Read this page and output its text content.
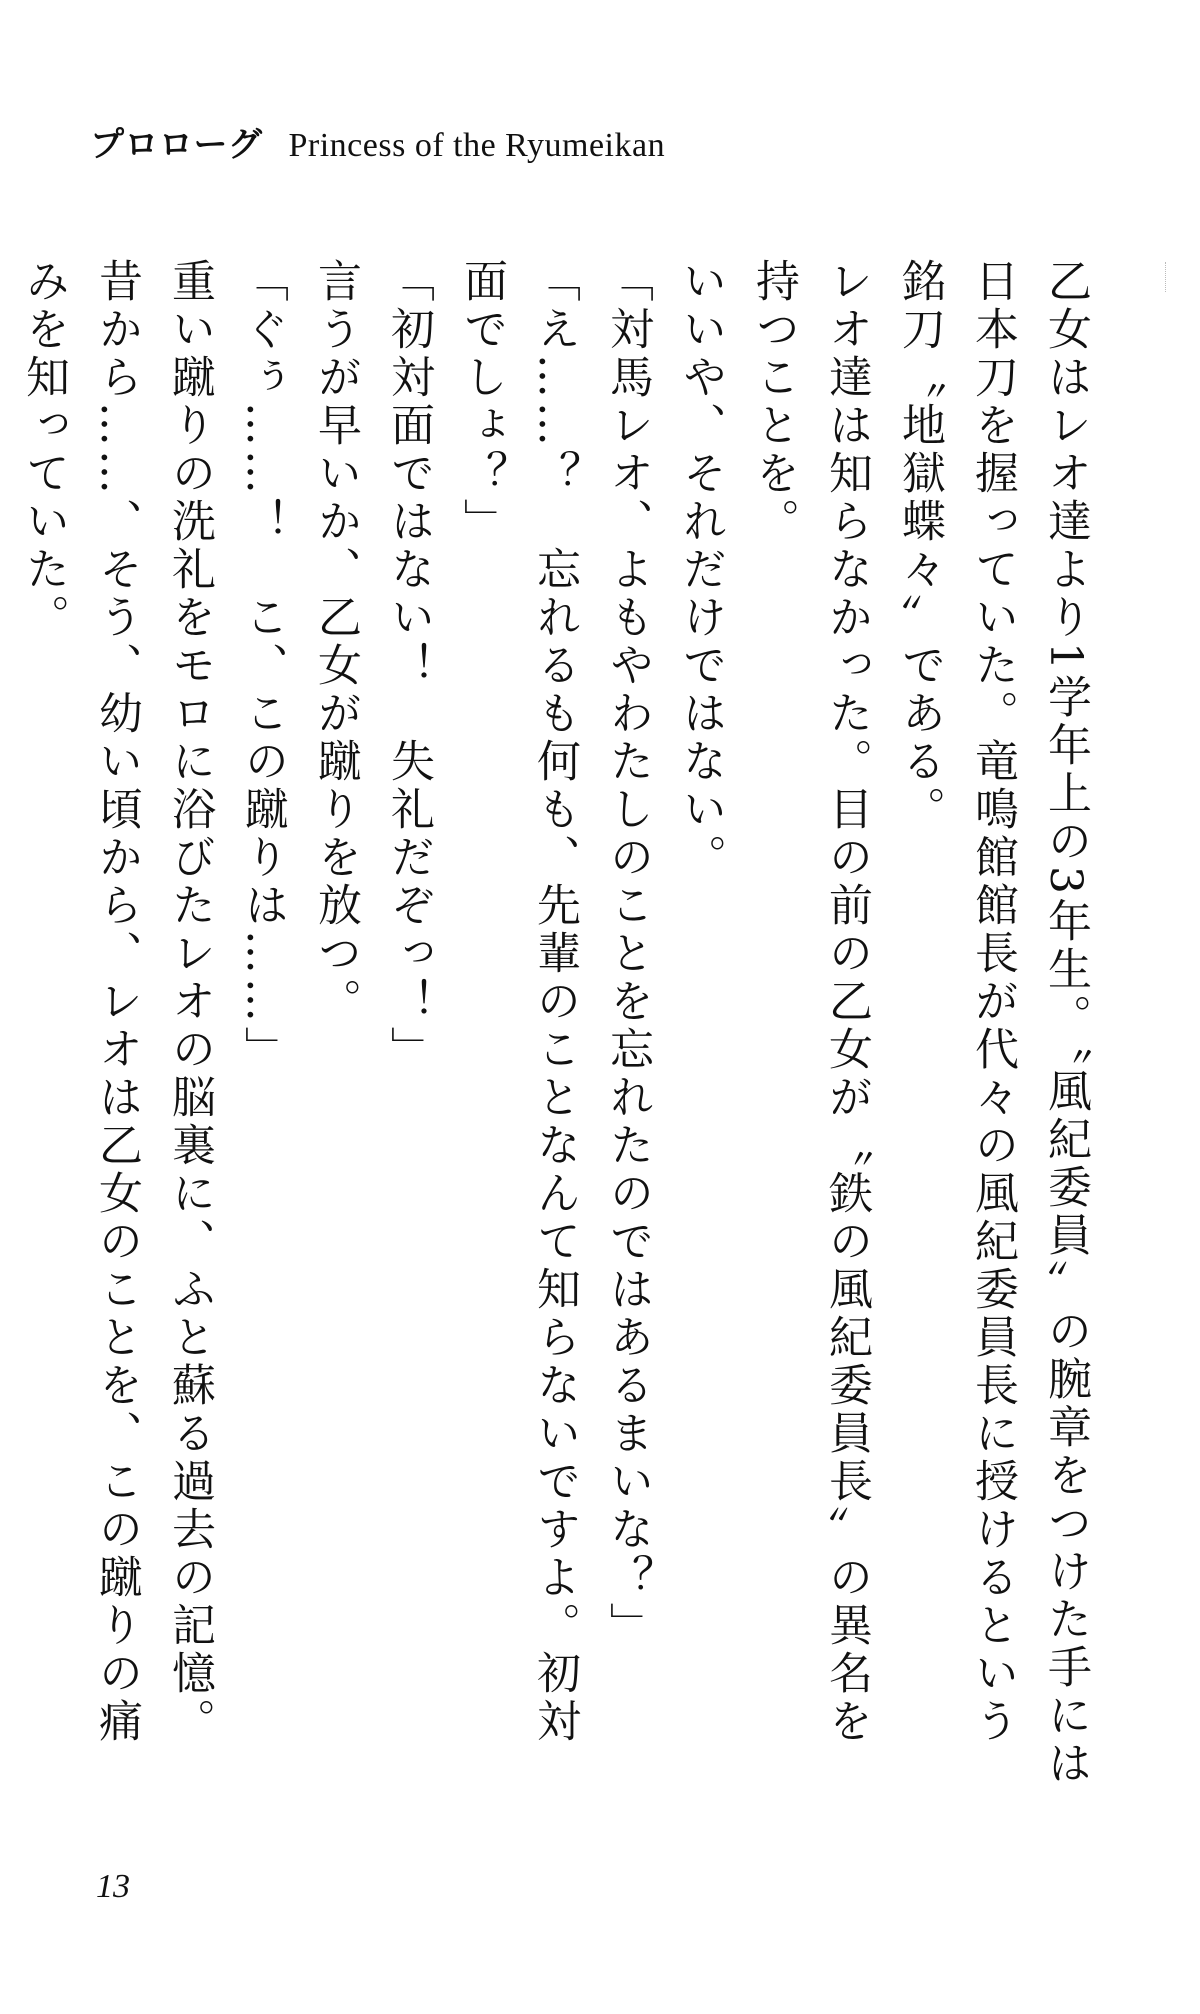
プロローグ Princess of the Ryumeikan

乙女はレオ達より1学年上の3年生。〝風紀委員〟の腕章をつけた手には日本刀を握っていた。竜鳴館館長が代々の風紀委員長に授けるという銘刀〝地獄蝶々〟である。

レオ達は知らなかった。目の前の乙女が〝鉄の風紀委員長〟の異名を持つことを。

いいや、それだけではない。

「対馬レオ、よもやわたしのことを忘れたのではあるまいな？」

「え……？　忘れるも何も、先輩のことなんて知らないですよ。初対面でしょ？」

「初対面ではない！　失礼だぞっ！」

言うが早いか、乙女が蹴りを放つ。

「ぐぅ……！　こ、この蹴りは……」

重い蹴りの洗礼をモロに浴びたレオの脳裏に、ふと蘇る過去の記憶。

昔から……、そう、幼い頃から、レオは乙女のことを、この蹴りの痛みを知っていた。

13
